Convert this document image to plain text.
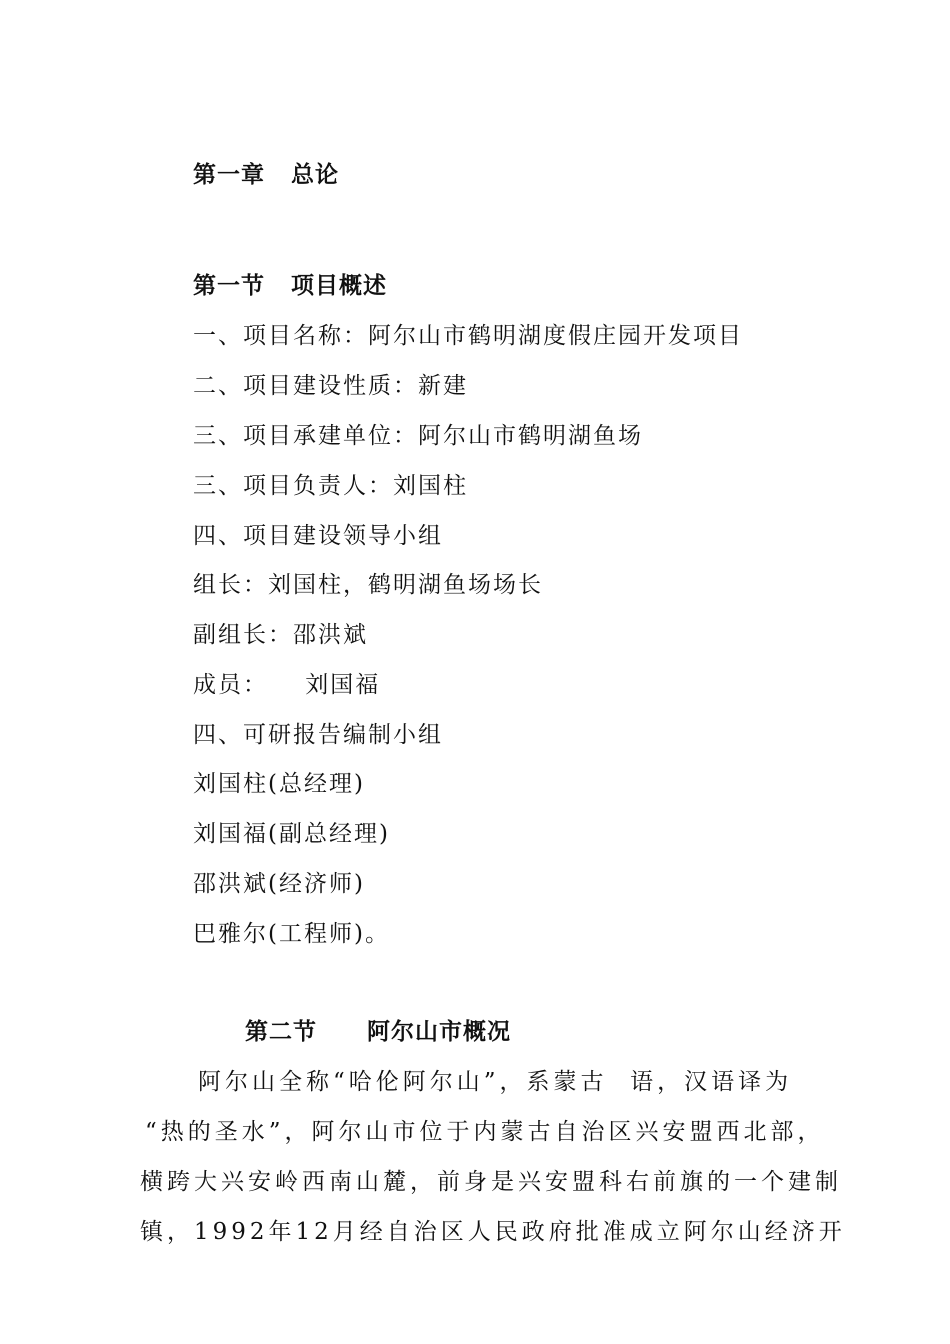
第一章 总论
第一节 项目概述
一、项目名称：阿尔山市鹤明湖度假庄园开发项目
二、项目建设性质：新建
三、项目承建单位：阿尔山市鹤明湖鱼场
三、项目负责人：刘国柱
四、项目建设领导小组
组长：刘国柱，鹤明湖鱼场场长
副组长：邵洪斌
成员：    刘国福
四、可研报告编制小组
刘国柱(总经理)
刘国福(副总经理)
邵洪斌(经济师)
巴雅尔(工程师)。
第二节 阿尔山市概况
阿尔山全称“哈伦阿尔山”，系蒙古  语，汉语译为
“热的圣水”，阿尔山市位于内蒙古自治区兴安盟西北部，
横跨大兴安岭西南山麓，前身是兴安盟科右前旗的一个建制
镇，1992年12月经自治区人民政府批准成立阿尔山经济开
